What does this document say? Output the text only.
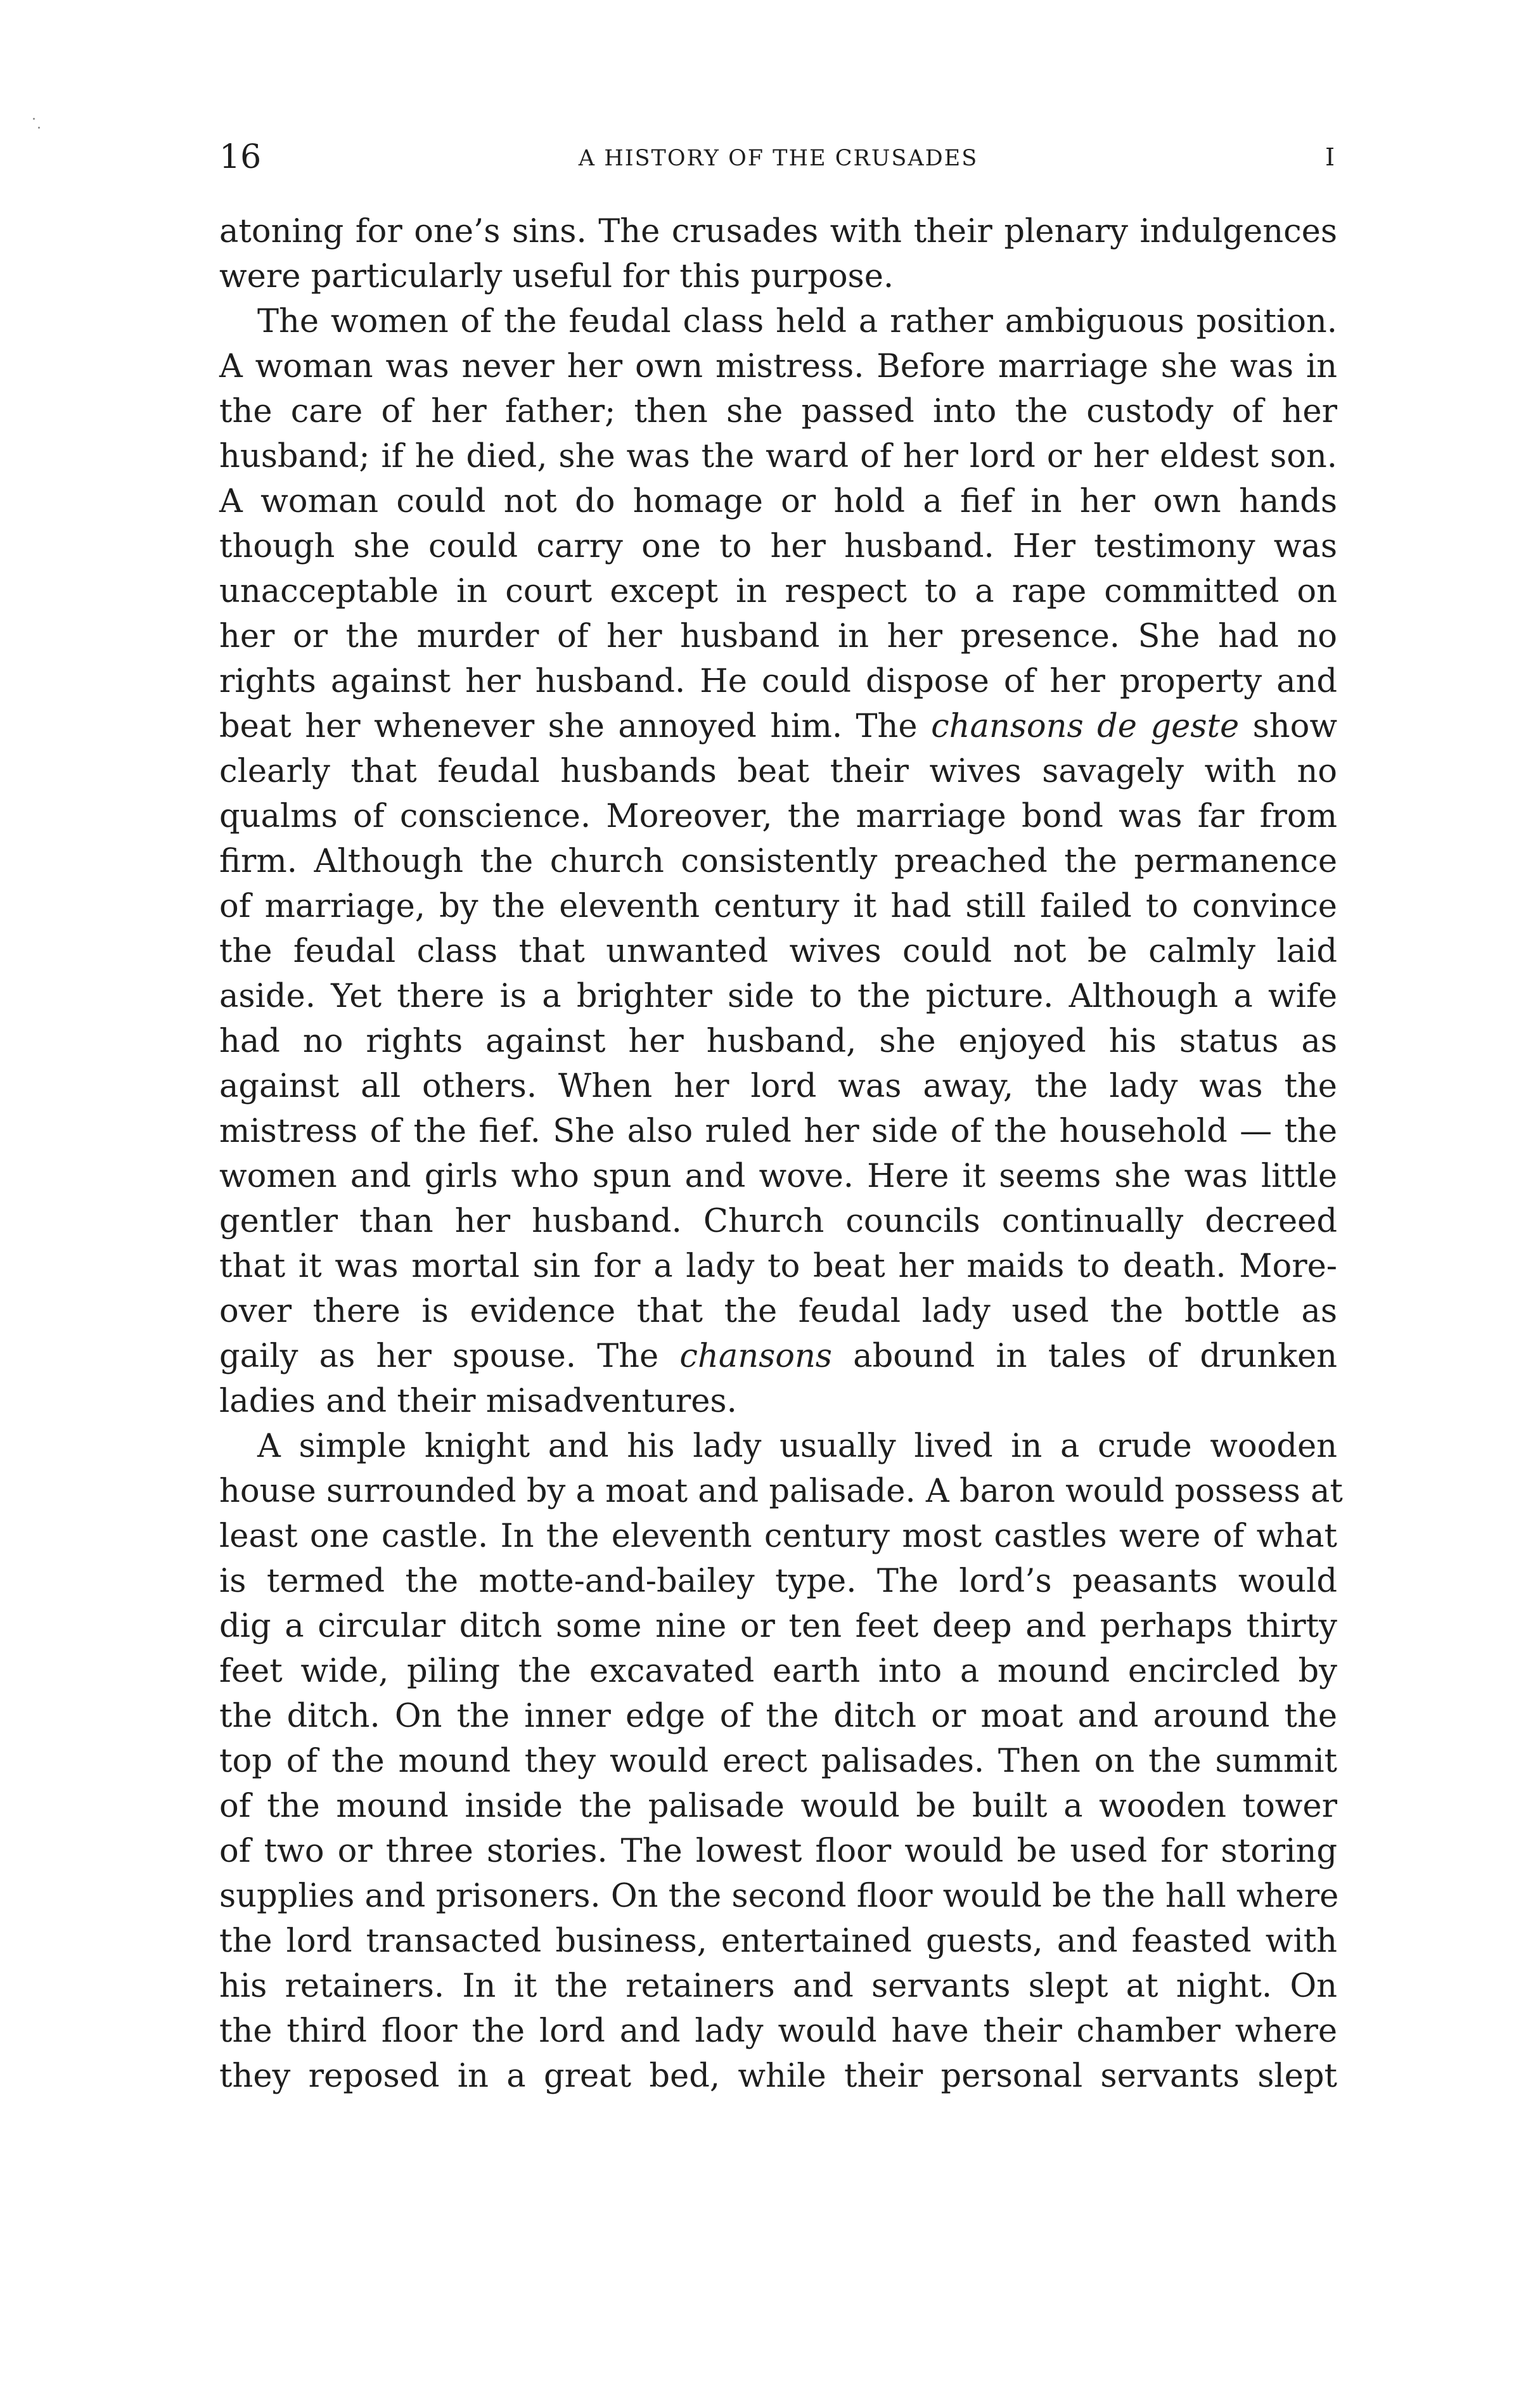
16	A HISTORY OF THE CRUSADES	I
atoning for one’s sins. The crusades with their plenary indulgences
were particularly useful for this purpose.
The women of the feudal class held a rather ambiguous position.
A woman was never her own mistress. Before marriage she was in
the care of her father; then she passed into the custody of her
husband; if he died, she was the ward of her lord or her eldest son.
A woman could not do homage or hold a fief in her own hands
though she could carry one to her husband. Her testimony was
unacceptable in court except in respect to a rape committed on
her or the murder of her husband in her presence. She had no
rights against her husband. He could dispose of her property and
beat her whenever she annoyed him. The chansons de geste show
clearly that feudal husbands beat their wives savagely with no
qualms of conscience. Moreover, the marriage bond was far from
firm. Although the church consistently preached the permanence
of marriage, by the eleventh century it had still failed to convince
the feudal class that unwanted wives could not be calmly laid
aside. Yet there is a brighter side to the picture. Although a wife
had no rights against her husband, she enjoyed his status as
against all others. When her lord was away, the lady was the
mistress of the fief. She also ruled her side of the household — the
women and girls who spun and wove. Here it seems she was little
gentler than her husband. Church councils continually decreed
that it was mortal sin for a lady to beat her maids to death. More-
over there is evidence that the feudal lady used the bottle as
gaily as her spouse. The chansons abound in tales of drunken
ladies and their misadventures.
A simple knight and his lady usually lived in a crude wooden
house surrounded by a moat and palisade. A baron would possess at
least one castle. In the eleventh century most castles were of what
is termed the motte-and-bailey type. The lord’s peasants would
dig a circular ditch some nine or ten feet deep and perhaps thirty
feet wide, piling the excavated earth into a mound encircled by
the ditch. On the inner edge of the ditch or moat and around the
top of the mound they would erect palisades. Then on the summit
of the mound inside the palisade would be built a wooden tower
of two or three stories. The lowest floor would be used for storing
supplies and prisoners. On the second floor would be the hall where
the lord transacted business, entertained guests, and feasted with
his retainers. In it the retainers and servants slept at night. On
the third floor the lord and lady would have their chamber where
they reposed in a great bed, while their personal servants slept
